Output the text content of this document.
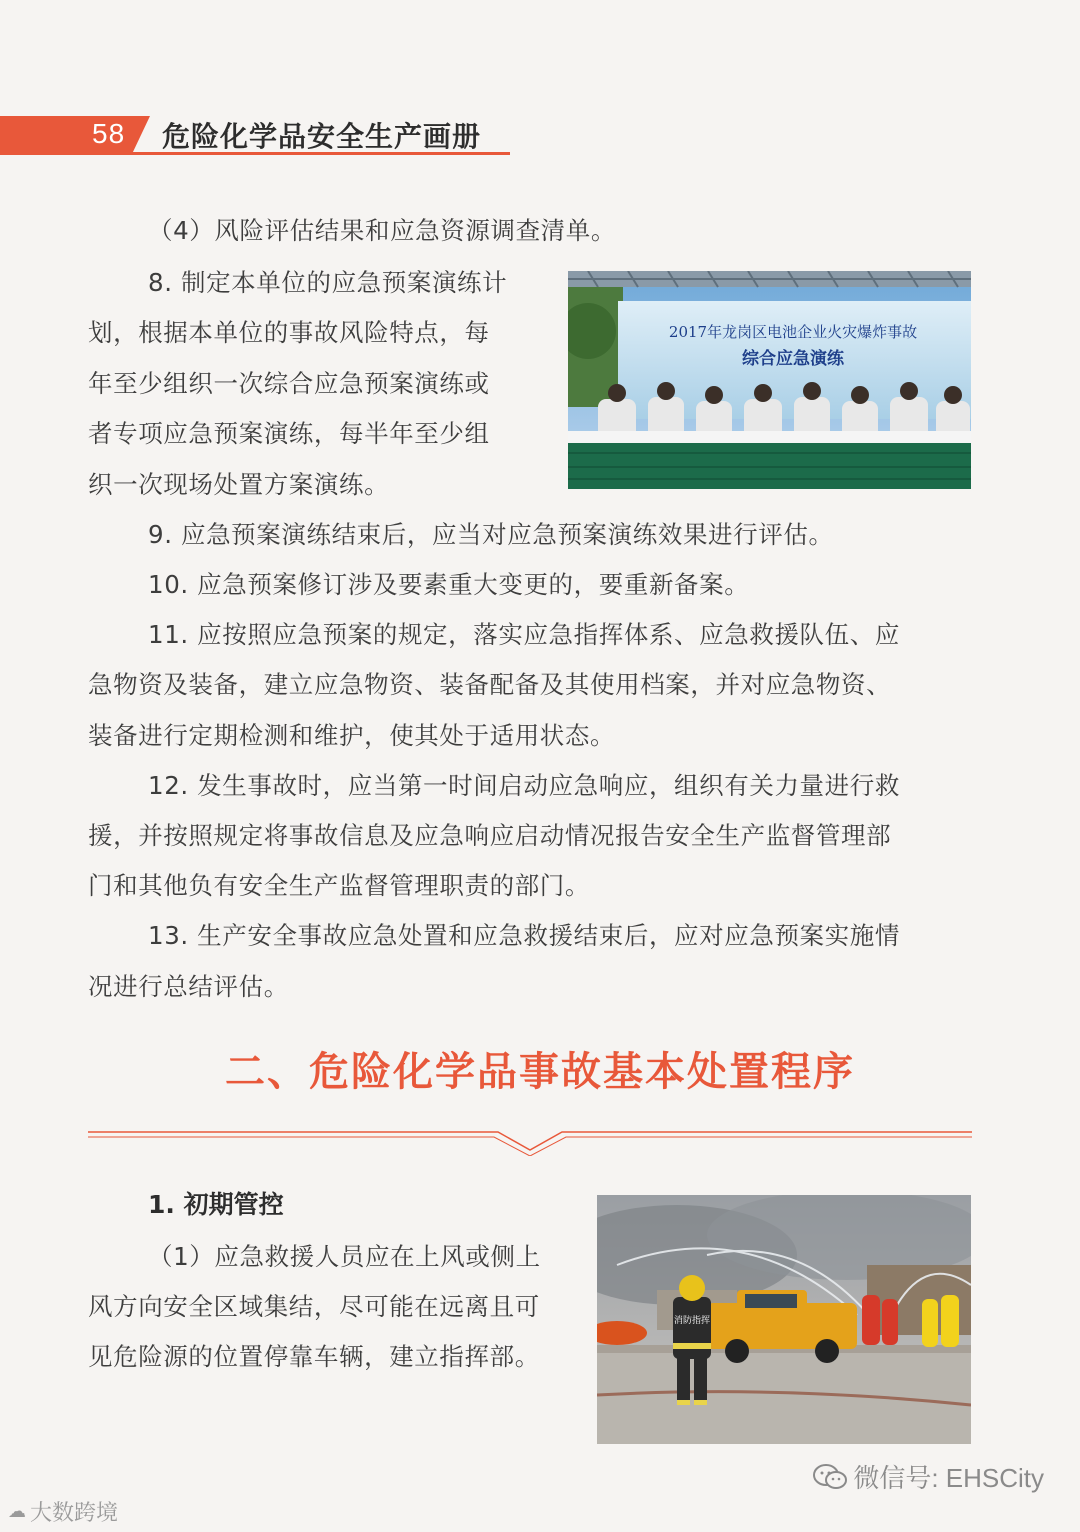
58 危险化学品安全生产画册

（4）风险评估结果和应急资源调查清单。

8. 制定本单位的应急预案演练计

划，根据本单位的事故风险特点，每

年至少组织一次综合应急预案演练或

者专项应急预案演练，每半年至少组

织一次现场处置方案演练。

2017年龙岗区电池企业火灾爆炸事故
综合应急演练

9. 应急预案演练结束后，应当对应急预案演练效果进行评估。

10. 应急预案修订涉及要素重大变更的，要重新备案。

11. 应按照应急预案的规定，落实应急指挥体系、应急救援队伍、应

急物资及装备，建立应急物资、装备配备及其使用档案，并对应急物资、

装备进行定期检测和维护，使其处于适用状态。

12. 发生事故时，应当第一时间启动应急响应，组织有关力量进行救

援，并按照规定将事故信息及应急响应启动情况报告安全生产监督管理部

门和其他负有安全生产监督管理职责的部门。

13. 生产安全事故应急处置和应急救援结束后，应对应急预案实施情

况进行总结评估。

二、危险化学品事故基本处置程序
1. 初期管控

（1）应急救援人员应在上风或侧上

风方向安全区域集结，尽可能在远离且可

见危险源的位置停靠车辆，建立指挥部。

消防指挥
微信号: EHSCity
☁ 大数跨境
